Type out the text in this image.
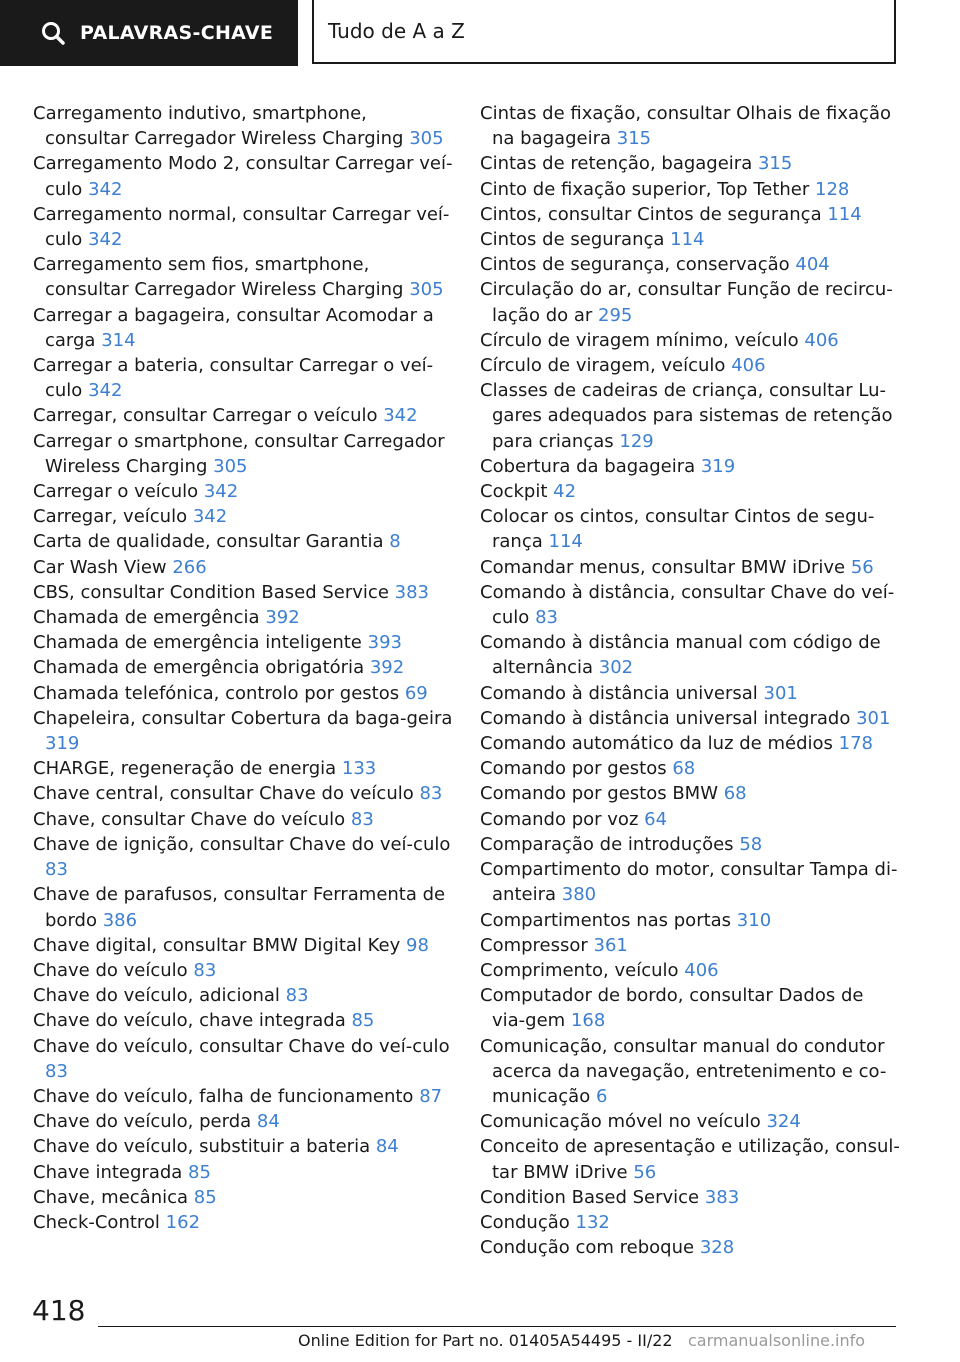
PALAVRAS-CHAVE	Tudo de A a Z

Carregamento indutivo, smartphone, consultar Carregador Wireless Charging 305

Carregamento Modo 2, consultar Carregar veí-culo 342

Carregamento normal, consultar Carregar veí-culo 342

Carregamento sem fios, smartphone, consultar Carregador Wireless Charging 305

Carregar a bagageira, consultar Acomodar a carga 314

Carregar a bateria, consultar Carregar o veí-culo 342

Carregar, consultar Carregar o veículo 342

Carregar o smartphone, consultar Carregador Wireless Charging 305

Carregar o veículo 342

Carregar, veículo 342

Carta de qualidade, consultar Garantia 8

Car Wash View 266

CBS, consultar Condition Based Service 383

Chamada de emergência 392

Chamada de emergência inteligente 393

Chamada de emergência obrigatória 392

Chamada telefónica, controlo por gestos 69

Chapeleira, consultar Cobertura da baga-geira 319

CHARGE, regeneração de energia 133

Chave central, consultar Chave do veículo 83

Chave, consultar Chave do veículo 83

Chave de ignição, consultar Chave do veí-culo 83

Chave de parafusos, consultar Ferramenta de bordo 386

Chave digital, consultar BMW Digital Key 98

Chave do veículo 83

Chave do veículo, adicional 83

Chave do veículo, chave integrada 85

Chave do veículo, consultar Chave do veí-culo 83

Chave do veículo, falha de funcionamento 87

Chave do veículo, perda 84

Chave do veículo, substituir a bateria 84

Chave integrada 85

Chave, mecânica 85

Check-Control 162

Cintas de fixação, consultar Olhais de fixação na bagageira 315

Cintas de retenção, bagageira 315

Cinto de fixação superior, Top Tether 128

Cintos, consultar Cintos de segurança 114

Cintos de segurança 114

Cintos de segurança, conservação 404

Circulação do ar, consultar Função de recircu-lação do ar 295

Círculo de viragem mínimo, veículo 406

Círculo de viragem, veículo 406

Classes de cadeiras de criança, consultar Lu-gares adequados para sistemas de retenção para crianças 129

Cobertura da bagageira 319

Cockpit 42

Colocar os cintos, consultar Cintos de segu-rança 114

Comandar menus, consultar BMW iDrive 56

Comando à distância, consultar Chave do veí-culo 83

Comando à distância manual com código de alternância 302

Comando à distância universal 301

Comando à distância universal integrado 301

Comando automático da luz de médios 178

Comando por gestos 68

Comando por gestos BMW 68

Comando por voz 64

Comparação de introduções 58

Compartimento do motor, consultar Tampa di-anteira 380

Compartimentos nas portas 310

Compressor 361

Comprimento, veículo 406

Computador de bordo, consultar Dados de via-gem 168

Comunicação, consultar manual do condutor acerca da navegação, entretenimento e co-municação 6

Comunicação móvel no veículo 324

Conceito de apresentação e utilização, consul-tar BMW iDrive 56

Condition Based Service 383

Condução 132

Condução com reboque 328

418
Online Edition for Part no. 01405A54495 - II/22 carmanualsonline.info
